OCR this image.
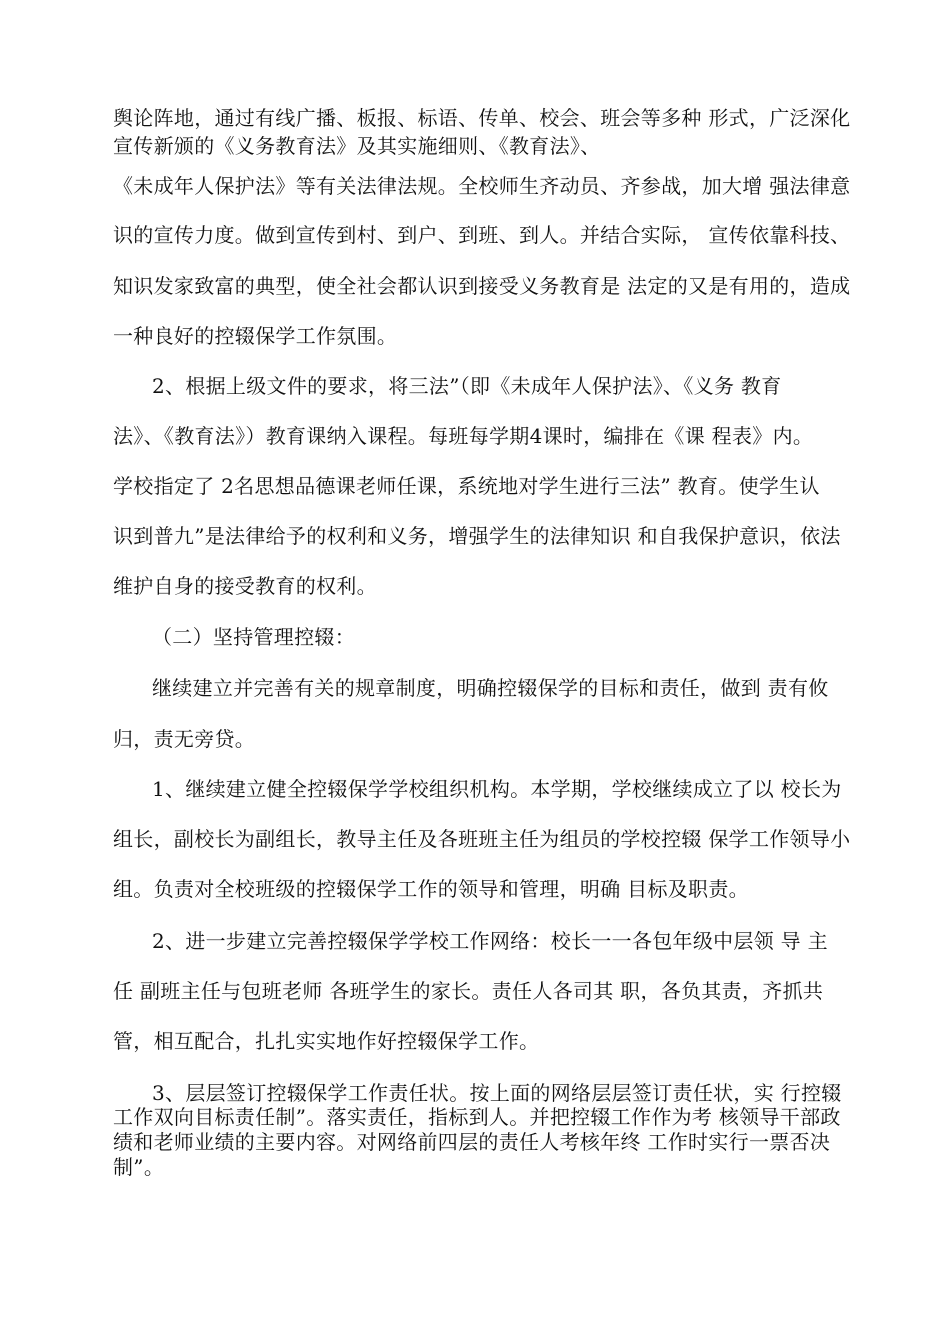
舆论阵地，通过有线广播、板报、标语、传单、校会、班会等多种 形式，广泛深化
宣传新颁的《义务教育法》及其实施细则、《教育法》、
《未成年人保护法》等有关法律法规。全校师生齐动员、齐参战，加大增 强法律意
识的宣传力度。做到宣传到村、到户、到班、到人。并结合实际， 宣传依靠科技、
知识发家致富的典型，使全社会都认识到接受义务教育是 法定的又是有用的，造成
一种良好的控辍保学工作氛围。
2、根据上级文件的要求，将三法”（即《未成年人保护法》、《义务 教育
法》、《教育法》）教育课纳入课程。每班每学期4课时，编排在《课 程表》内。
学校指定了 2名思想品德课老师任课，系统地对学生进行三法” 教育。使学生认
识到普九”是法律给予的权利和义务，增强学生的法律知识 和自我保护意识，依法
维护自身的接受教育的权利。
（二）坚持管理控辍：
继续建立并完善有关的规章制度，明确控辍保学的目标和责任，做到 责有攸
归，责无旁贷。
1、继续建立健全控辍保学学校组织机构。本学期，学校继续成立了以 校长为
组长，副校长为副组长，教导主任及各班班主任为组员的学校控辍 保学工作领导小
组。负责对全校班级的控辍保学工作的领导和管理，明确 目标及职责。
2、进一步建立完善控辍保学学校工作网络：校长一一各包年级中层领 导 主
任 副班主任与包班老师 各班学生的家长。责任人各司其 职，各负其责，齐抓共
管，相互配合，扎扎实实地作好控辍保学工作。
3、层层签订控辍保学工作责任状。按上面的网络层层签订责任状，实 行控辍
工作双向目标责任制”。落实责任，指标到人。并把控辍工作作为考 核领导干部政
绩和老师业绩的主要内容。对网络前四层的责任人考核年终 工作时实行一票否决
制”。
